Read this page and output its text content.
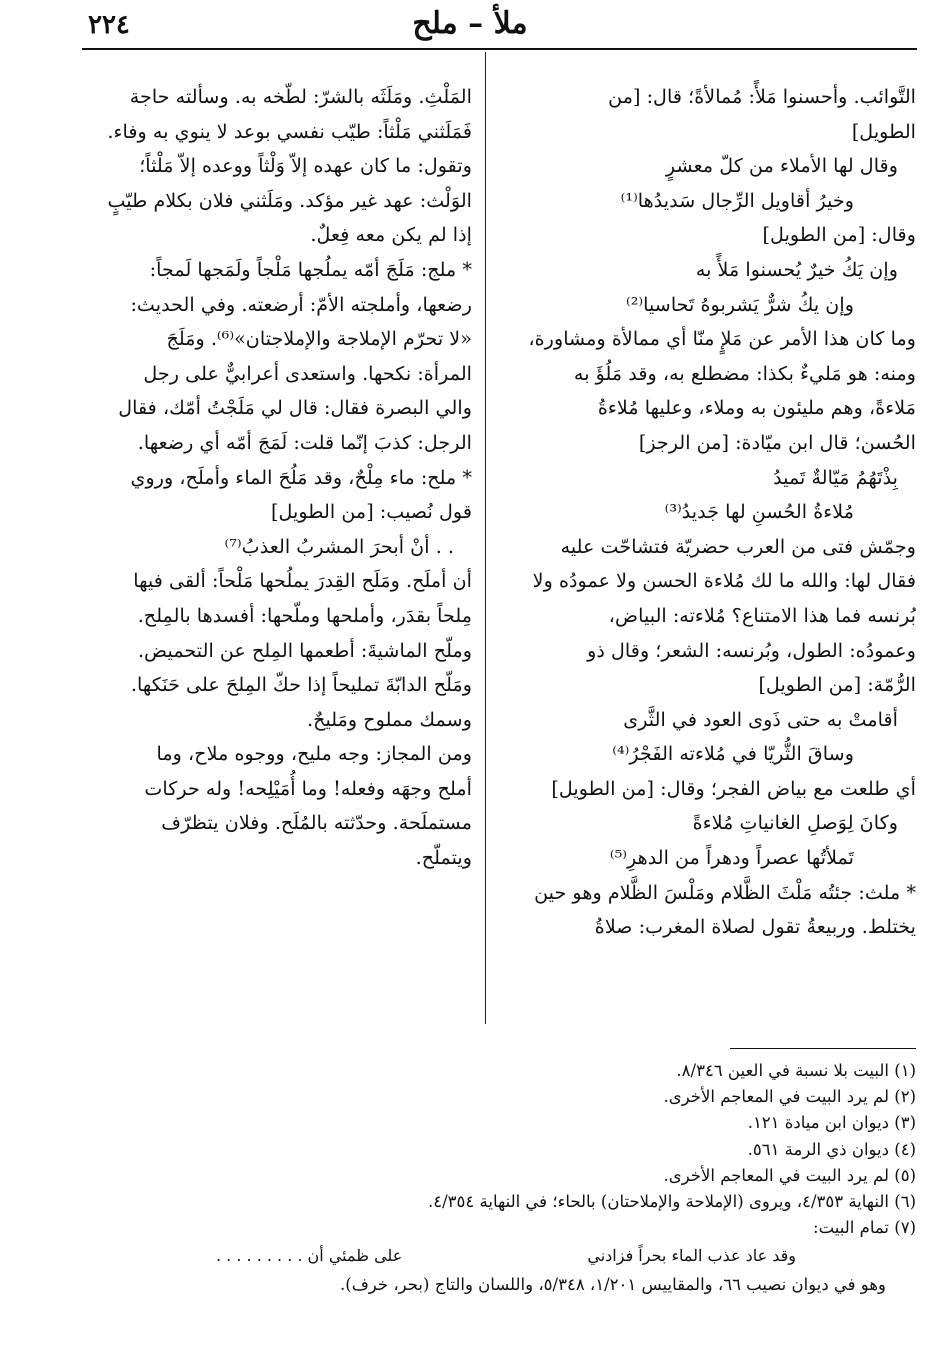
٢٢٤	ملأ – ملح

التَّوائب. وأحسنوا مَلأً: مُمالأةً؛ قال: [من

الطويل]

وقال لها الأملاء من كلّ معشرٍ

وخيرُ أقاويل الرِّجال سَديدُها⁽¹⁾

وقال: [من الطويل]

وإن يَكُ خيرٌ يُحسنوا مَلأً به

وإن يكُ شرٌّ يَشربوهُ تَحاسيا⁽²⁾

وما كان هذا الأمر عن مَلإٍ منّا أي ممالأة ومشاورة،

ومنه: هو مَليءٌ بكذا: مضطلع به، وقد مَلُؤَ به

مَلاءةً، وهم مليئون به وملاء، وعليها مُلاءةُ

الحُسن؛ قال ابن ميّادة: [من الرجز]

بِذْتَهُمُ مَيّالةٌ تَميدُ

مُلاءةُ الحُسنِ لها جَديدُ⁽³⁾

وجمّش فتى من العرب حضريّة فتشاحّت عليه

فقال لها: والله ما لك مُلاءة الحسن ولا عمودُه ولا

بُرنسه فما هذا الامتناع؟ مُلاءته: البياض،

وعمودُه: الطول، وبُرنسه: الشعر؛ وقال ذو

الرُّمّة: [من الطويل]

أقامتْ به حتى ذَوى العود في الثَّرى

وساقَ الثُّريّا في مُلاءته الفَجْرُ⁽⁴⁾

أي طلعت مع بياض الفجر؛ وقال: [من الطويل]

وكانَ لِوَصلِ الغانياتِ مُلاءةً

تَملأتُها عصراً ودهراً من الدهرِ⁽⁵⁾

* ملث: جئتُه مَلْثَ الظَّلام ومَلْسَ الظَّلام وهو حين

يختلط. وربيعةُ تقول لصلاة المغرب: صلاةُ

المَلْثِ. ومَلَثَه بالشرّ: لطّخه به. وسألته حاجة

فَمَلَثني مَلْثاً: طيّب نفسي بوعد لا ينوي به وفاء.

وتقول: ما كان عهده إلاّ وَلْثاً ووعده إلاّ مَلْثاً؛

الوَلْث: عهد غير مؤكد. ومَلَثني فلان بكلام طيّبٍ

إذا لم يكن معه فِعلٌ.

* ملج: مَلَجَ أمّه يملُجها مَلْجاً ولَمَجها لَمجاً:

رضعها، وأملجته الأمّ: أرضعته. وفي الحديث:

«لا تحرّم الإملاجة والإملاجتان»⁽⁶⁾. ومَلَجَ

المرأة: نكحها. واستعدى أعرابيٌّ على رجل

والي البصرة فقال: قال لي مَلَجْتُ أمّك، فقال

الرجل: كذبَ إنّما قلت: لَمَجَ أمّه أي رضعها.

* ملح: ماء مِلْحٌ، وقد مَلُحَ الماء وأملَح، وروي

قول نُصيب: [من الطويل]

. . أنْ أبحرَ المشربُ العذبُ⁽⁷⁾

أن أملَح. ومَلَح القِدرَ يملُحها مَلْحاً: ألقى فيها

مِلحاً بقدَر، وأملحها وملّحها: أفسدها بالمِلح.

وملّح الماشيةَ: أطعمها المِلح عن التحميض.

ومَلّح الدابّةَ تمليحاً إذا حكّ المِلحَ على حَنَكها.

وسمك مملوح ومَليحٌ.

ومن المجاز: وجه مليح، ووجوه ملاح، وما

أملح وجهَه وفعله! وما أُمَيْلِحه! وله حركات

مستملَحة. وحدّثته بالمُلَح. وفلان يتظرّف

ويتملّح.

(١) البيت بلا نسبة في العين ٨/٣٤٦.

(٢) لم يرد البيت في المعاجم الأخرى.

(٣) ديوان ابن ميادة ١٢١.

(٤) ديوان ذي الرمة ٥٦١.

(٥) لم يرد البيت في المعاجم الأخرى.

(٦) النهاية ٤/٣٥٣، ويروى (الإملاحة والإملاحتان) بالحاء؛ في النهاية ٤/٣٥٤.

(٧) تمام البيت:

وقد عاد عذب الماء بحراً فزادني
على ظمئي أن . . . . . . . . .

وهو في ديوان نصيب ٦٦، والمقاييس ١/٢٠١، ٥/٣٤٨، واللسان والتاج (بحر، خرف).
